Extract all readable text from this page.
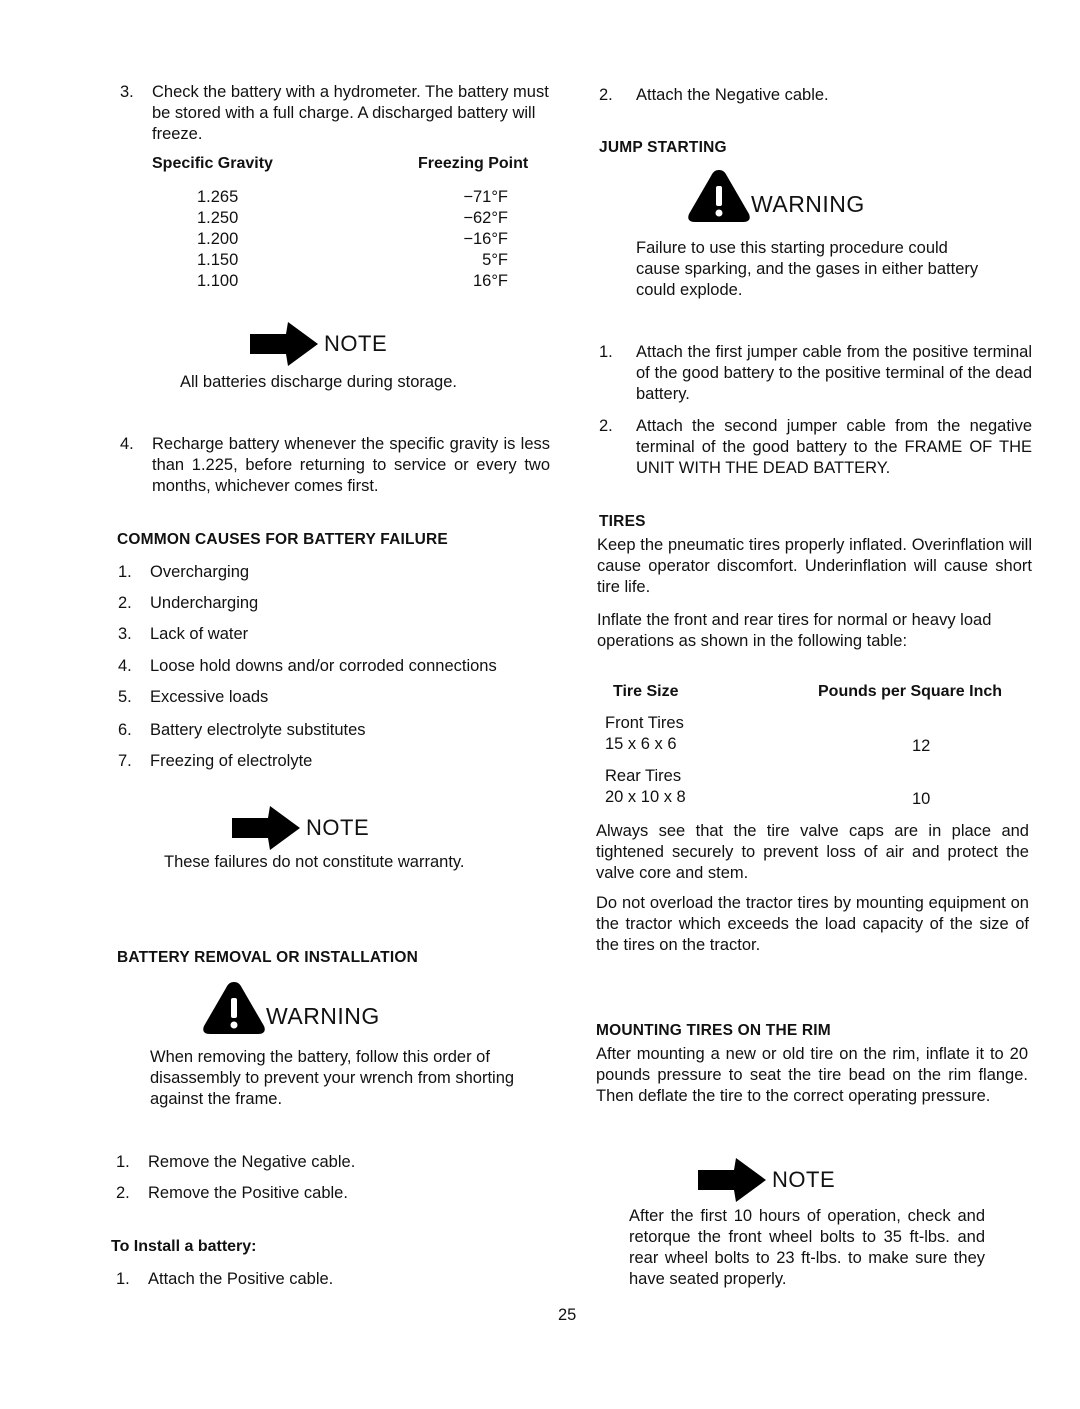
3. Check the battery with a hydrometer. The battery must be stored with a full charge. A discharged battery will freeze.
Specific Gravity	Freezing Point
1.265	−71°F
1.250	−62°F
1.200	−16°F
1.150	5°F
1.100	16°F
NOTE
All batteries discharge during storage.
4. Recharge battery whenever the specific gravity is less than 1.225, before returning to service or every two months, whichever comes first.
COMMON CAUSES FOR BATTERY FAILURE
1. Overcharging
2. Undercharging
3. Lack of water
4. Loose hold downs and/or corroded connections
5. Excessive loads
6. Battery electrolyte substitutes
7. Freezing of electrolyte
NOTE
These failures do not constitute warranty.
BATTERY REMOVAL OR INSTALLATION
WARNING
When removing the battery, follow this order of disassembly to prevent your wrench from shorting against the frame.
1. Remove the Negative cable.
2. Remove the Positive cable.
To Install a battery:
1. Attach the Positive cable.
2. Attach the Negative cable.
JUMP STARTING
WARNING
Failure to use this starting procedure could cause sparking, and the gases in either battery could explode.
1. Attach the first jumper cable from the positive terminal of the good battery to the positive terminal of the dead battery.
2. Attach the second jumper cable from the negative terminal of the good battery to the FRAME OF THE UNIT WITH THE DEAD BATTERY.
TIRES
Keep the pneumatic tires properly inflated. Overinflation will cause operator discomfort. Underinflation will cause short tire life.
Inflate the front and rear tires for normal or heavy load operations as shown in the following table:
Tire Size	Pounds per Square Inch
Front Tires
15 x 6 x 6	12
Rear Tires
20 x 10 x 8	10
Always see that the tire valve caps are in place and tightened securely to prevent loss of air and protect the valve core and stem.
Do not overload the tractor tires by mounting equipment on the tractor which exceeds the load capacity of the size of the tires on the tractor.
MOUNTING TIRES ON THE RIM
After mounting a new or old tire on the rim, inflate it to 20 pounds pressure to seat the tire bead on the rim flange. Then deflate the tire to the correct operating pressure.
NOTE
After the first 10 hours of operation, check and retorque the front wheel bolts to 35 ft-lbs. and rear wheel bolts to 23 ft-lbs. to make sure they have seated properly.
25
